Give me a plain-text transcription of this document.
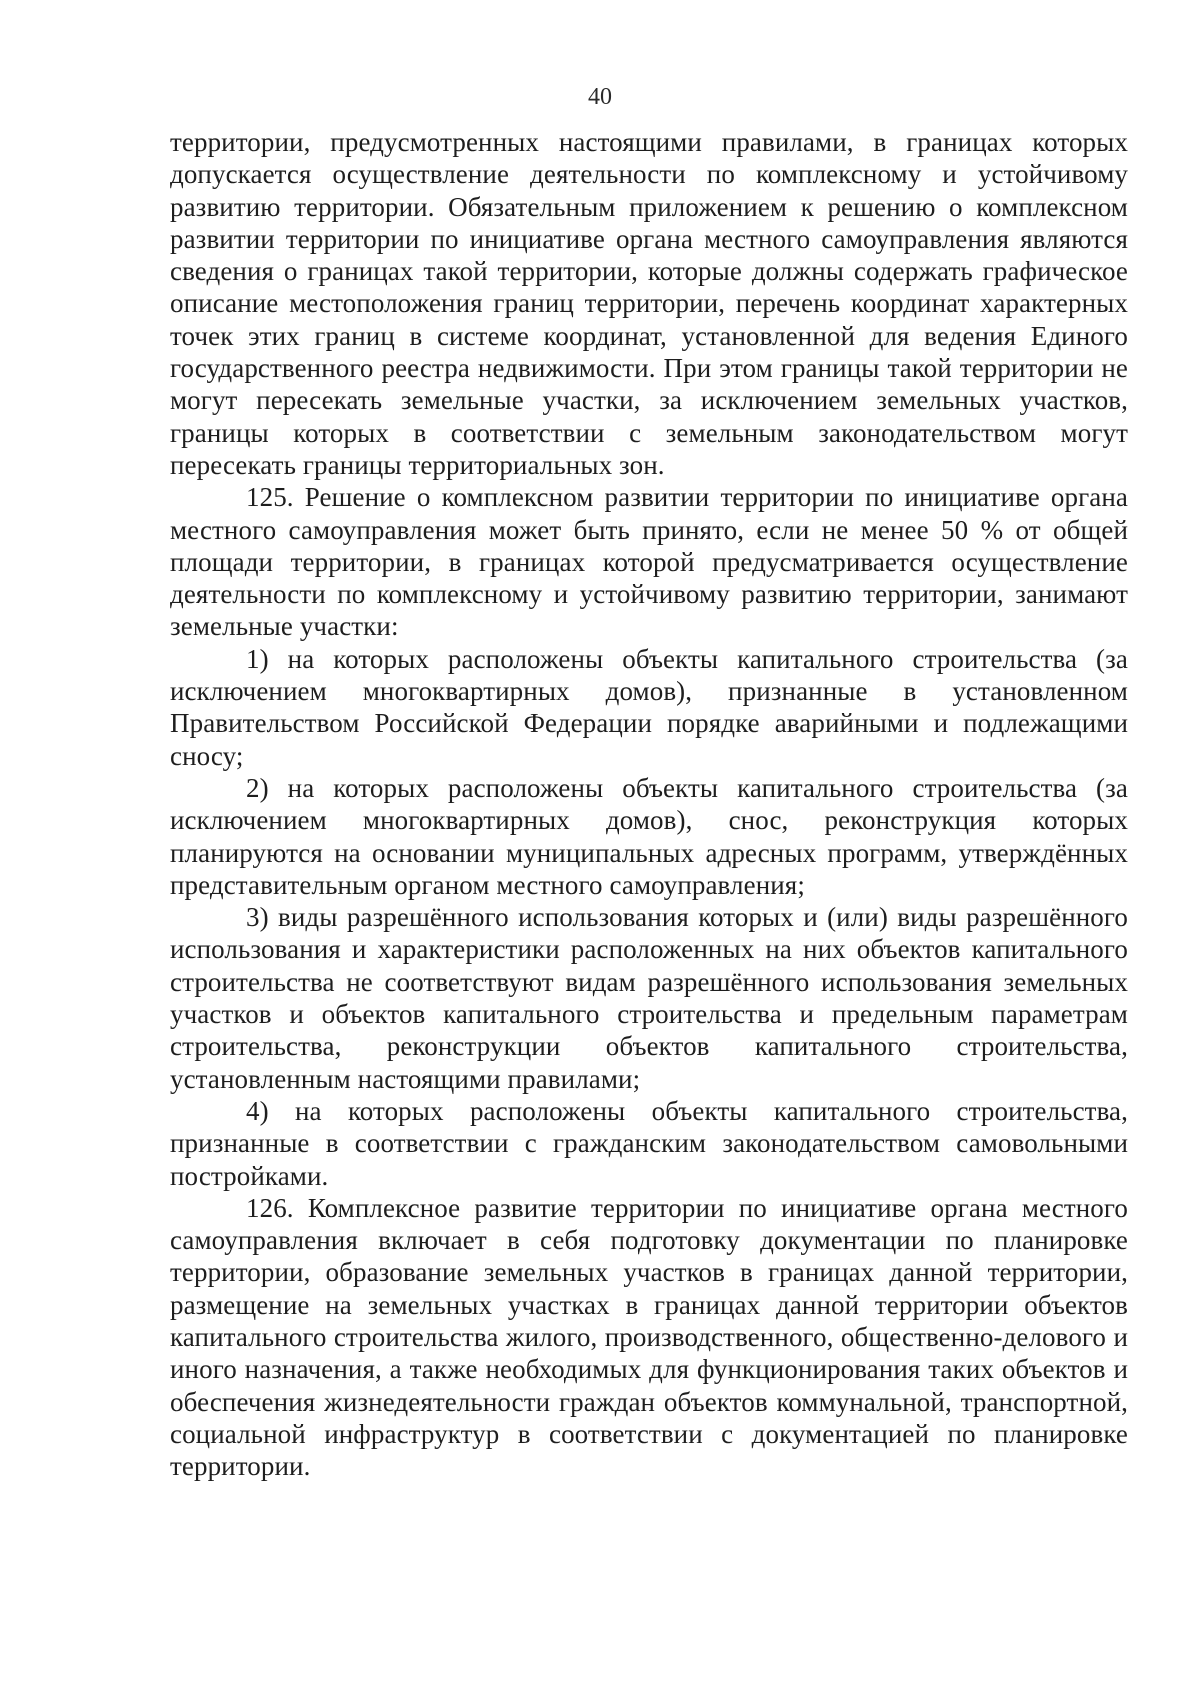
40

территории, предусмотренных настоящими правилами, в границах которых допускается осуществление деятельности по комплексному и устойчивому развитию территории. Обязательным приложением к решению о комплексном развитии территории по инициативе органа местного самоуправления являются сведения о границах такой территории, которые должны содержать графическое описание местоположения границ территории, перечень координат характерных точек этих границ в системе координат, установленной для ведения Единого государственного реестра недвижимости. При этом границы такой территории не могут пересекать земельные участки, за исключением земельных участков, границы которых в соответствии с земельным законодательством могут пересекать границы территориальных зон.

125. Решение о комплексном развитии территории по инициативе органа местного самоуправления может быть принято, если не менее 50 % от общей площади территории, в границах которой предусматривается осуществление деятельности по комплексному и устойчивому развитию территории, занимают земельные участки:

1) на которых расположены объекты капитального строительства (за исключением многоквартирных домов), признанные в установленном Правительством Российской Федерации порядке аварийными и подлежащими сносу;

2) на которых расположены объекты капитального строительства (за исключением многоквартирных домов), снос, реконструкция которых планируются на основании муниципальных адресных программ, утверждённых представительным органом местного самоуправления;

3) виды разрешённого использования которых и (или) виды разрешённого использования и характеристики расположенных на них объектов капитального строительства не соответствуют видам разрешённого использования земельных участков и объектов капитального строительства и предельным параметрам строительства, реконструкции объектов капитального строительства, установленным настоящими правилами;

4) на которых расположены объекты капитального строительства, признанные в соответствии с гражданским законодательством самовольными постройками.

126. Комплексное развитие территории по инициативе органа местного самоуправления включает в себя подготовку документации по планировке территории, образование земельных участков в границах данной территории, размещение на земельных участках в границах данной территории объектов капитального строительства жилого, производственного, общественно-делового и иного назначения, а также необходимых для функционирования таких объектов и обеспечения жизнедеятельности граждан объектов коммунальной, транспортной, социальной инфраструктур в соответствии с документацией по планировке территории.
